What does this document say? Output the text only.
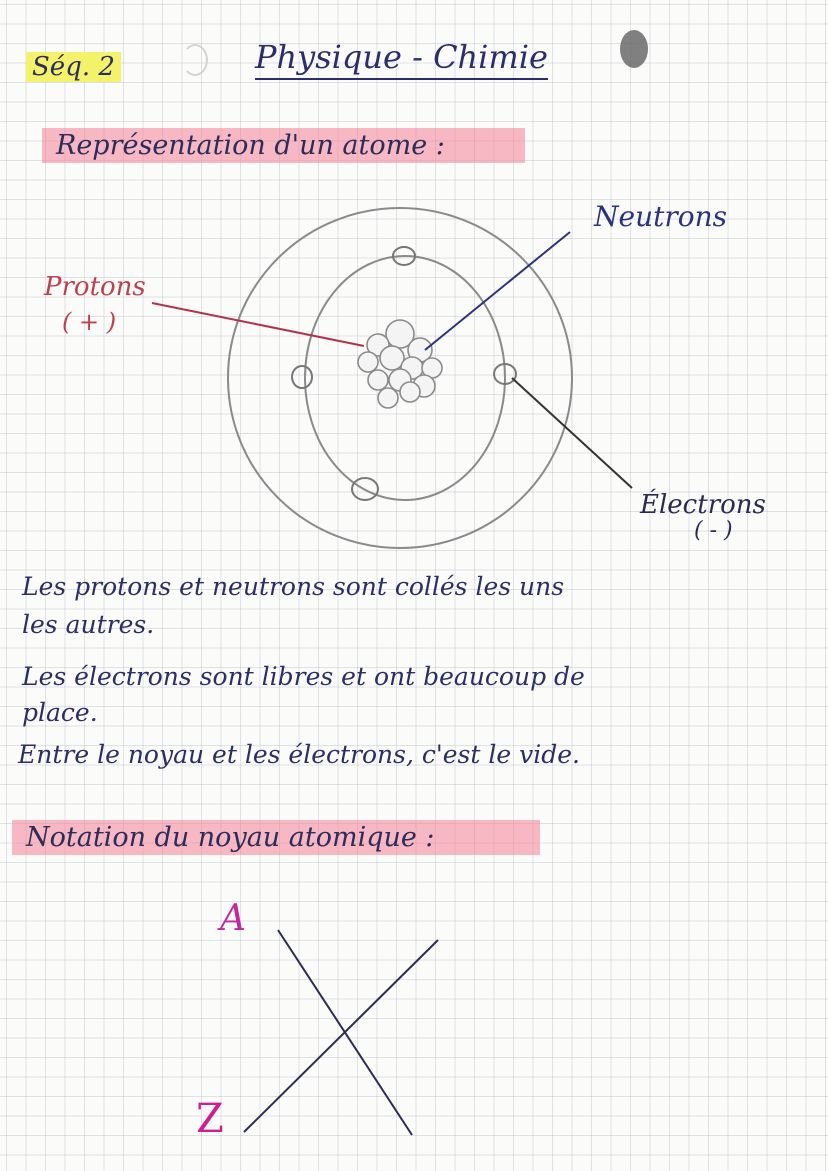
Séq. 2	Physique - Chimie
Représentation d'un atome :
Neutrons
Protons
( + )
Électrons
( - )
Les protons et neutrons sont collés les uns
les autres.
Les électrons sont libres et ont beaucoup de
place.
Entre le noyau et les électrons, c'est le vide.
Notation du noyau atomique :
A
Z
